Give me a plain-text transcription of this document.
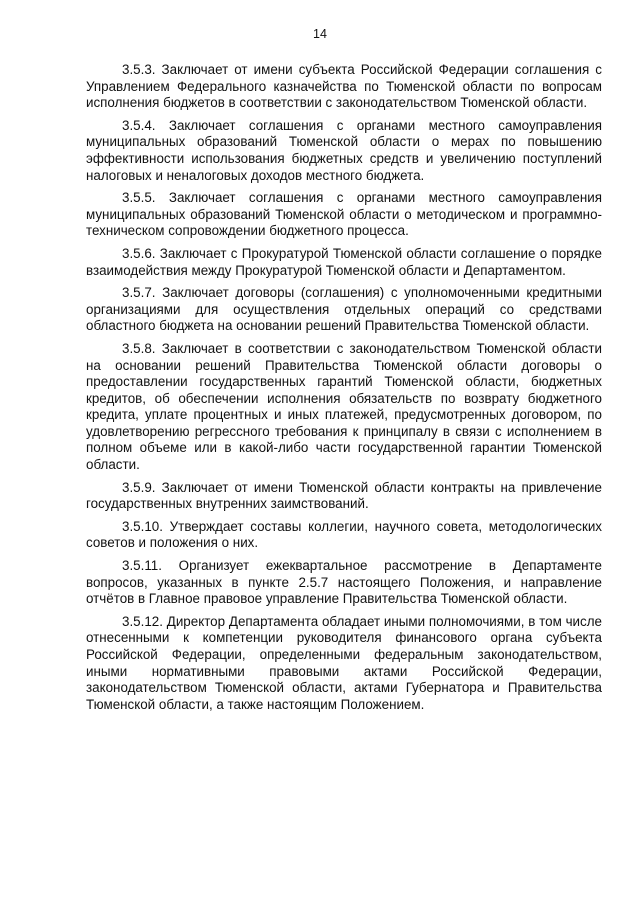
14

3.5.3. Заключает от имени субъекта Российской Федерации соглашения с Управлением Федерального казначейства по Тюменской области по вопросам исполнения бюджетов в соответствии с законодательством Тюменской области.

3.5.4. Заключает соглашения с органами местного самоуправления муниципальных образований Тюменской области о мерах по повышению эффективности использования бюджетных средств и увеличению поступлений налоговых и неналоговых доходов местного бюджета.

3.5.5. Заключает соглашения с органами местного самоуправления муниципальных образований Тюменской области о методическом и программно-техническом сопровождении бюджетного процесса.

3.5.6. Заключает с Прокуратурой Тюменской области соглашение о порядке взаимодействия между Прокуратурой Тюменской области и Департаментом.

3.5.7. Заключает договоры (соглашения) с уполномоченными кредитными организациями для осуществления отдельных операций со средствами областного бюджета на основании решений Правительства Тюменской области.

3.5.8. Заключает в соответствии с законодательством Тюменской области на основании решений Правительства Тюменской области договоры о предоставлении государственных гарантий Тюменской области, бюджетных кредитов, об обеспечении исполнения обязательств по возврату бюджетного кредита, уплате процентных и иных платежей, предусмотренных договором, по удовлетворению регрессного требования к принципалу в связи с исполнением в полном объеме или в какой-либо части государственной гарантии Тюменской области.

3.5.9. Заключает от имени Тюменской области контракты на привлечение государственных внутренних заимствований.

3.5.10. Утверждает составы коллегии, научного совета, методологических советов и положения о них.

3.5.11. Организует ежеквартальное рассмотрение в Департаменте вопросов, указанных в пункте 2.5.7 настоящего Положения, и направление отчётов в Главное правовое управление Правительства Тюменской области.

3.5.12. Директор Департамента обладает иными полномочиями, в том числе отнесенными к компетенции руководителя финансового органа субъекта Российской Федерации, определенными федеральным законодательством, иными нормативными правовыми актами Российской Федерации, законодательством Тюменской области, актами Губернатора и Правительства Тюменской области, а также настоящим Положением.
